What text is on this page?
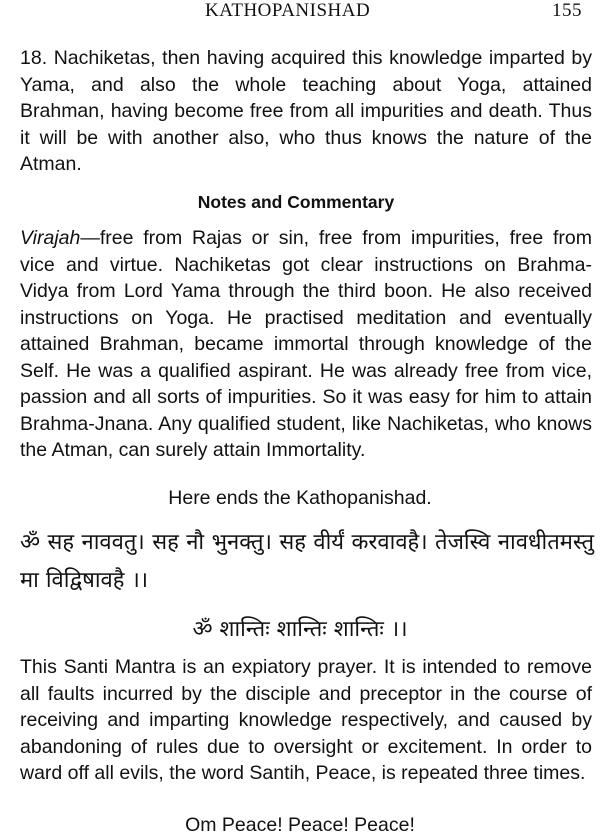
KATHOPANISHAD	155

18. Nachiketas, then having acquired this knowledge imparted by Yama, and also the whole teaching about Yoga, attained Brahman, having become free from all impurities and death. Thus it will be with another also, who thus knows the nature of the Atman.

Notes and Commentary

Virajah—free from Rajas or sin, free from impurities, free from vice and virtue. Nachiketas got clear instructions on Brahma-Vidya from Lord Yama through the third boon. He also received instructions on Yoga. He practised meditation and eventually attained Brahman, became immortal through knowledge of the Self. He was a qualified aspirant. He was already free from vice, passion and all sorts of impurities. So it was easy for him to attain Brahma-Jnana. Any qualified student, like Nachiketas, who knows the Atman, can surely attain Immortality.

Here ends the Kathopanishad.

ॐ सह नाववतु। सह नौ भुनक्तु। सह वीर्यं करवावहै। तेजस्वि नावधीतमस्तु मा विद्विषावहै ।।

ॐ शान्तिः शान्तिः शान्तिः ।।

This Santi Mantra is an expiatory prayer. It is intended to remove all faults incurred by the disciple and preceptor in the course of receiving and imparting knowledge respectively, and caused by abandoning of rules due to oversight or excitement. In order to ward off all evils, the word Santih, Peace, is repeated three times.

Om Peace! Peace! Peace!
